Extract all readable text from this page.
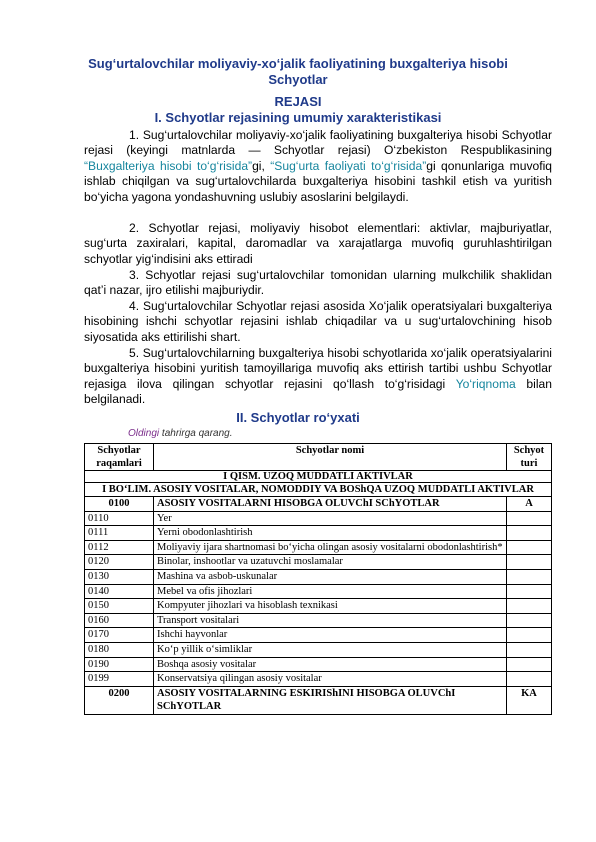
Sug‘urtalovchilar moliyaviy-xo‘jalik faoliyatining buxgalteriya hisobi
Schyotlar
REJASI
I. Schyotlar rejasining umumiy xarakteristikasi
1. Sug‘urtalovchilar moliyaviy-xo‘jalik faoliyatining buxgalteriya hisobi Schyotlar rejasi (keyingi matnlarda — Schyotlar rejasi) O‘zbekiston Respublikasining “Buxgalteriya hisobi to‘g‘risida”gi, “Sug‘urta faoliyati to‘g‘risida”gi qonunlariga muvofiq ishlab chiqilgan va sug‘urtalovchilarda buxgalteriya hisobini tashkil etish va yuritish bo‘yicha yagona yondashuvning uslubiy asoslarini belgilaydi.
2. Schyotlar rejasi, moliyaviy hisobot elementlari: aktivlar, majburiyatlar, sug‘urta zaxiralari, kapital, daromadlar va xarajatlarga muvofiq guruhlashtirilgan schyotlar yig‘indisini aks ettiradi
3. Schyotlar rejasi sug‘urtalovchilar tomonidan ularning mulkchilik shaklidan qat’i nazar, ijro etilishi majburiydir.
4. Sug‘urtalovchilar Schyotlar rejasi asosida Xo‘jalik operatsiyalari buxgalteriya hisobining ishchi schyotlar rejasini ishlab chiqadilar va u sug‘urtalovchining hisob siyosatida aks ettirilishi shart.
5. Sug‘urtalovchilarning buxgalteriya hisobi schyotlarida xo‘jalik operatsiyalarini buxgalteriya hisobini yuritish tamoyillariga muvofiq aks ettirish tartibi ushbu Schyotlar rejasiga ilova qilingan schyotlar rejasini qo‘llash to‘g‘risidagi Yo‘riqnoma bilan belgilanadi.
II. Schyotlar ro‘yxati
Oldingi tahrirga qarang.
Schyotlar raqamlari	Schyotlar nomi	Schyot turi
I QISM. UZOQ MUDDATLI AKTIVLAR		
I BO‘LIM. ASOSIY VOSITALAR, NOMODDIY VA BOShQA UZOQ MUDDATLI AKTIVLAR		
0100	ASOSIY VOSITALARNI HISOBGA OLUVChI SChYOTLAR	A
0110	Yer	
0111	Yerni obodonlashtirish	
0112	Moliyaviy ijara shartnomasi bo‘yicha olingan asosiy vositalarni obodonlashtirish*	
0120	Binolar, inshootlar va uzatuvchi moslamalar	
0130	Mashina va asbob-uskunalar	
0140	Mebel va ofis jihozlari	
0150	Kompyuter jihozlari va hisoblash texnikasi	
0160	Transport vositalari	
0170	Ishchi hayvonlar	
0180	Ko‘p yillik o‘simliklar	
0190	Boshqa asosiy vositalar	
0199	Konservatsiya qilingan asosiy vositalar	
0200	ASOSIY VOSITALARNING ESKIRIShINI HISOBGA OLUVChI SChYOTLAR	KA
